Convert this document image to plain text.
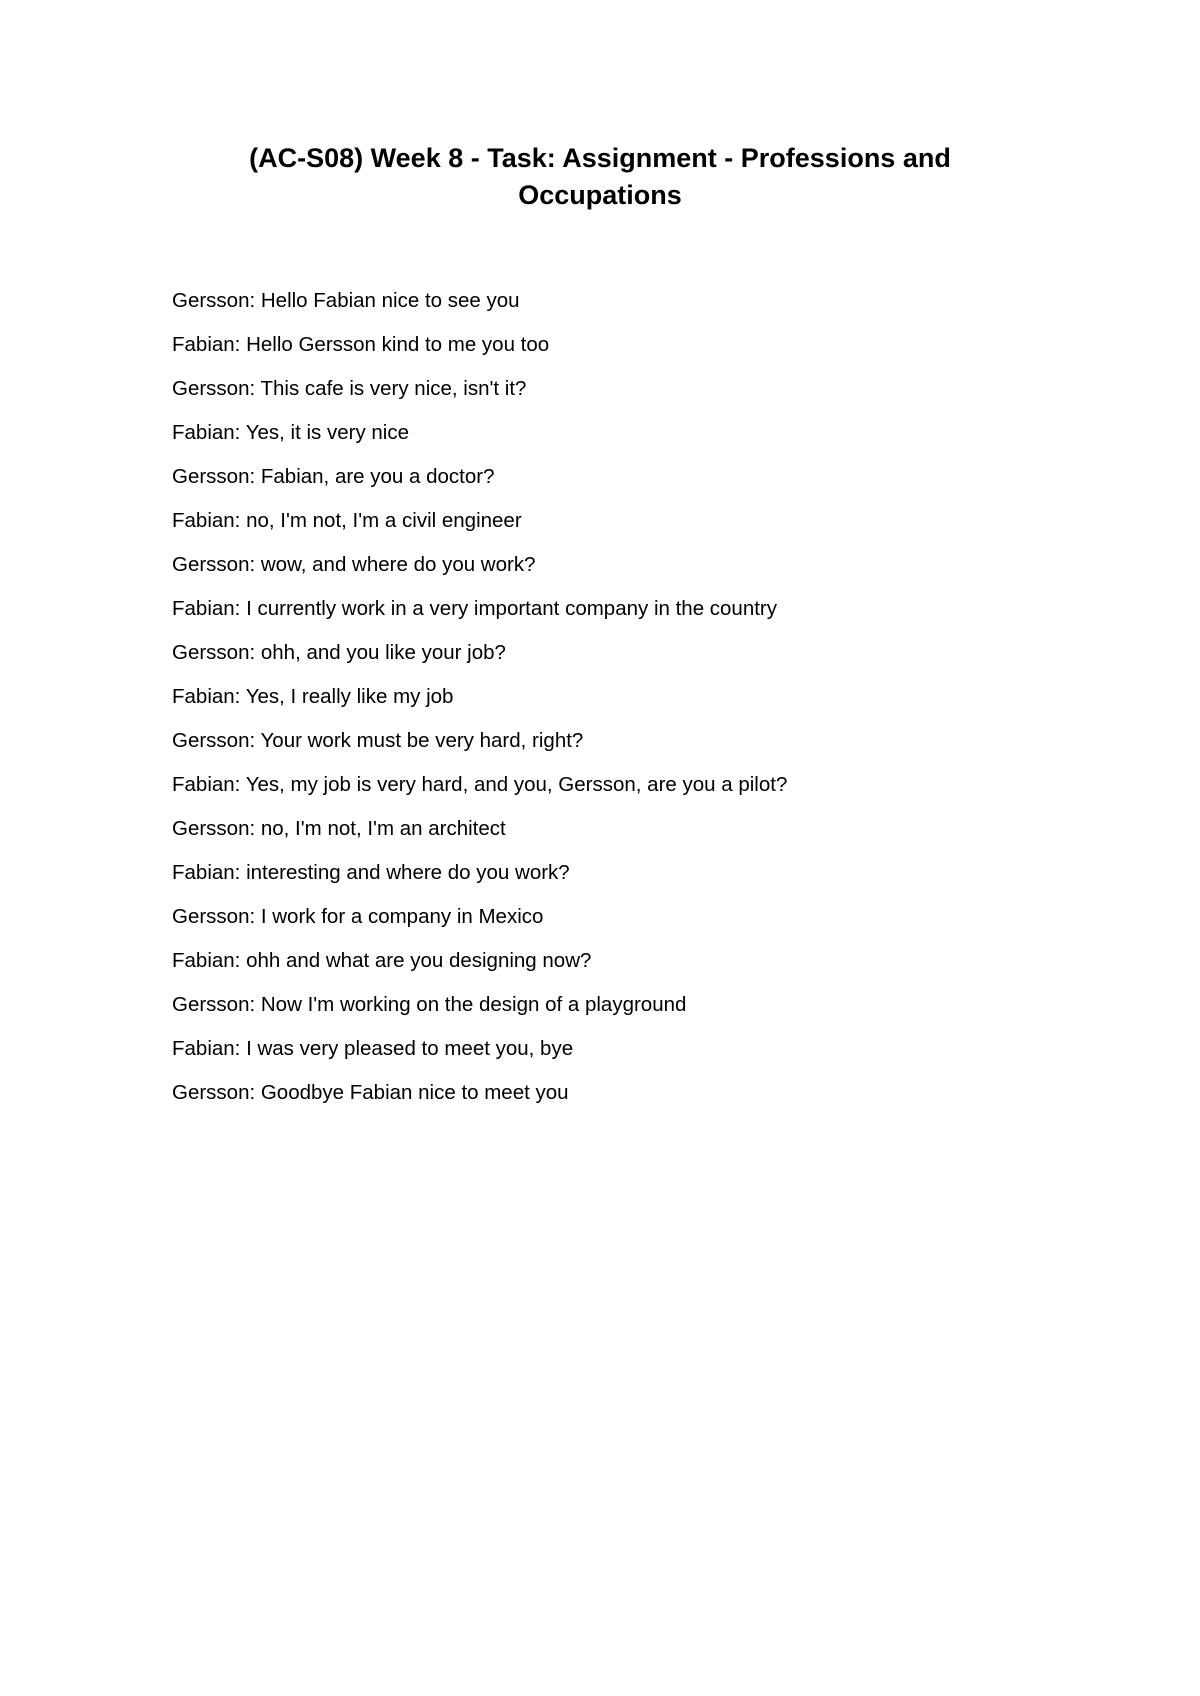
(AC-S08) Week 8 - Task: Assignment - Professions and Occupations
Gersson: Hello Fabian nice to see you
Fabian: Hello Gersson kind to me you too
Gersson: This cafe is very nice, isn't it?
Fabian: Yes, it is very nice
Gersson: Fabian, are you a doctor?
Fabian: no, I'm not, I'm a civil engineer
Gersson: wow, and where do you work?
Fabian: I currently work in a very important company in the country
Gersson: ohh, and you like your job?
Fabian: Yes, I really like my job
Gersson: Your work must be very hard, right?
Fabian: Yes, my job is very hard, and you, Gersson, are you a pilot?
Gersson: no, I'm not, I'm an architect
Fabian: interesting and where do you work?
Gersson: I work for a company in Mexico
Fabian: ohh and what are you designing now?
Gersson: Now I'm working on the design of a playground
Fabian: I was very pleased to meet you, bye
Gersson: Goodbye Fabian nice to meet you
